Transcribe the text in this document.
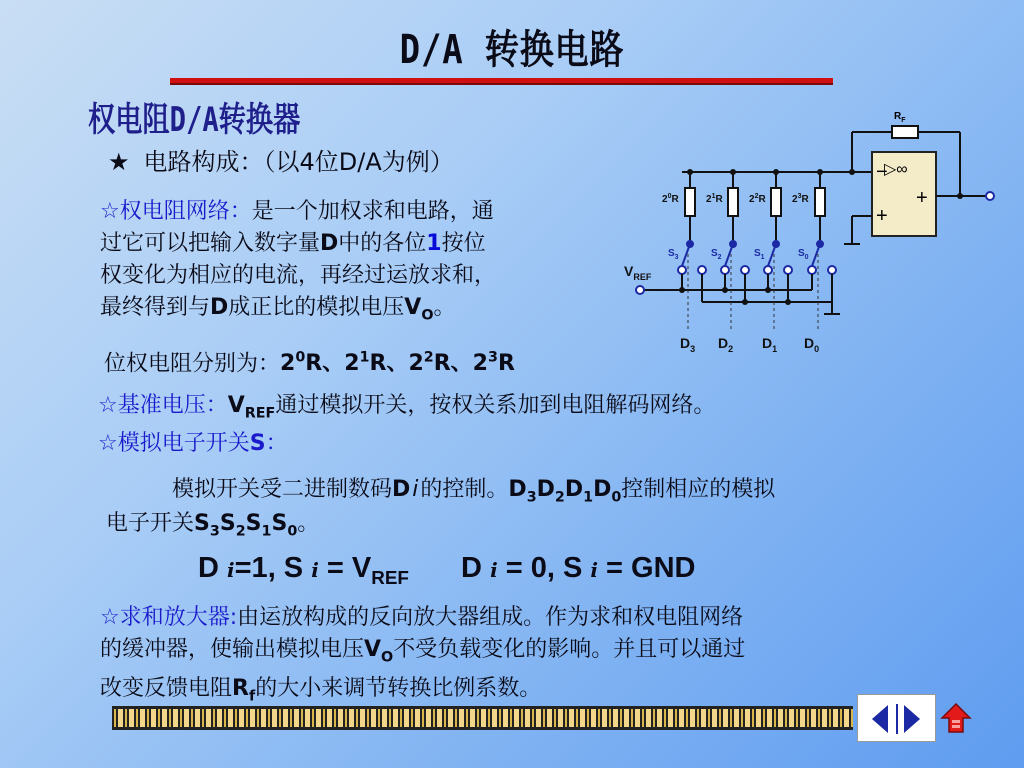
D/A 转换电路
权电阻D/A转换器
★ 电路构成：（以4位D/A为例）
☆权电阻网络：是一个加权求和电路，通
过它可以把输入数字量D中的各位1按位
权变化为相应的电流，再经过运放求和，
最终得到与D成正比的模拟电压$V_O$。
位权电阻分别为：$2^0R$、$2^1R$、$2^2R$、$2^3R$
☆基准电压：$V_{REF}$通过模拟开关，按权关系加到电阻解码网络。
☆模拟电子开关S：
模拟开关受二进制数码Di的控制。$D_3D_2D_1D_0$控制相应的模拟
电子开关$S_3S_2S_1S_0$。
D i=1, S $i = V_{REF}$ D i = 0, S i = GND
☆求和放大器:由运放构成的反向放大器组成。作为求和权电阻网络
的缓冲器，使输出模拟电压$V_O$不受负载变化的影响。并且可以通过
改变反馈电阻$R_f$的大小来调节转换比例系数。
$R_F$
▷∞
−
+
+
$2^0R$	$2^1R$	$2^2R$	$2^3R$
$S_3$	$S_2$	$S_1$	$S_0$
$V_{REF}$
$D_3$ $D_2$ $D_1$ $D_0$
